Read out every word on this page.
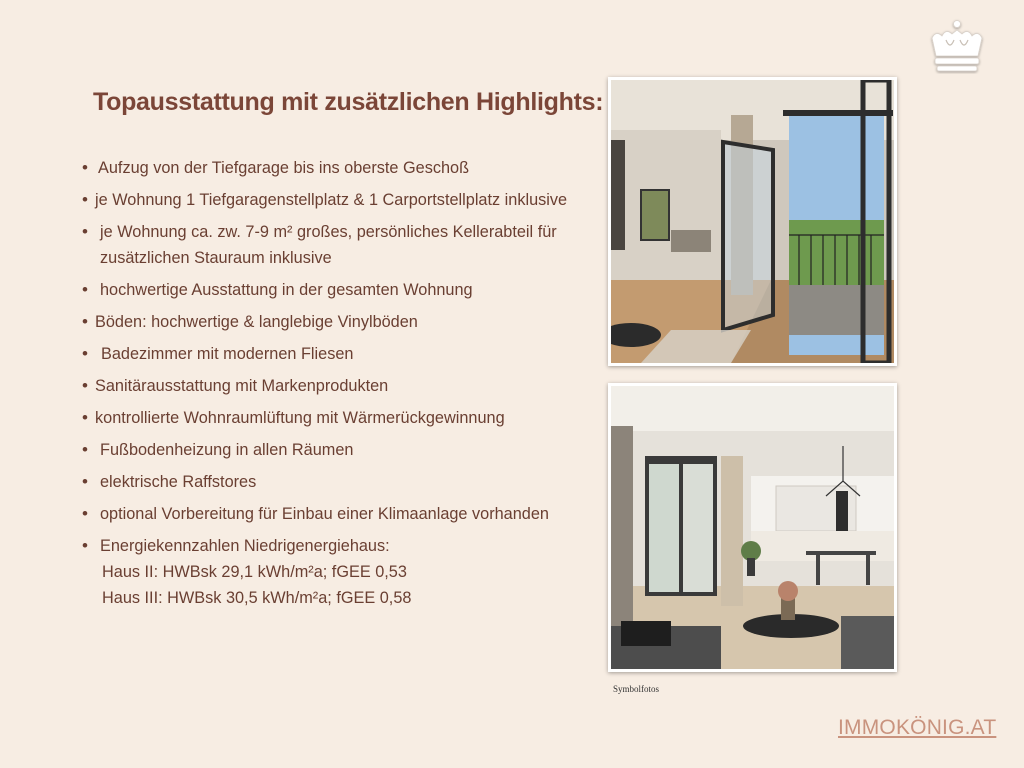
Topausstattung mit zusätzlichen Highlights:
• Aufzug von der Tiefgarage bis ins oberste Geschoß
• je Wohnung 1 Tiefgaragenstellplatz & 1 Carportstellplatz inklusive
• je Wohnung ca. zw. 7-9 m² großes, persönliches Kellerabteil für
zusätzlichen Stauraum inklusive
• hochwertige Ausstattung in der gesamten Wohnung
• Böden: hochwertige & langlebige Vinylböden
• Badezimmer mit modernen Fliesen
• Sanitärausstattung mit Markenprodukten
• kontrollierte Wohnraumlüftung mit Wärmerückgewinnung
• Fußbodenheizung in allen Räumen
• elektrische Raffstores
• optional Vorbereitung für Einbau einer Klimaanlage vorhanden
• Energiekennzahlen Niedrigenergiehaus:
Haus II: HWBsk 29,1 kWh/m²a; fGEE 0,53
Haus III: HWBsk 30,5 kWh/m²a; fGEE 0,58
Symbolfotos
IMMOKÖNIG.AT
